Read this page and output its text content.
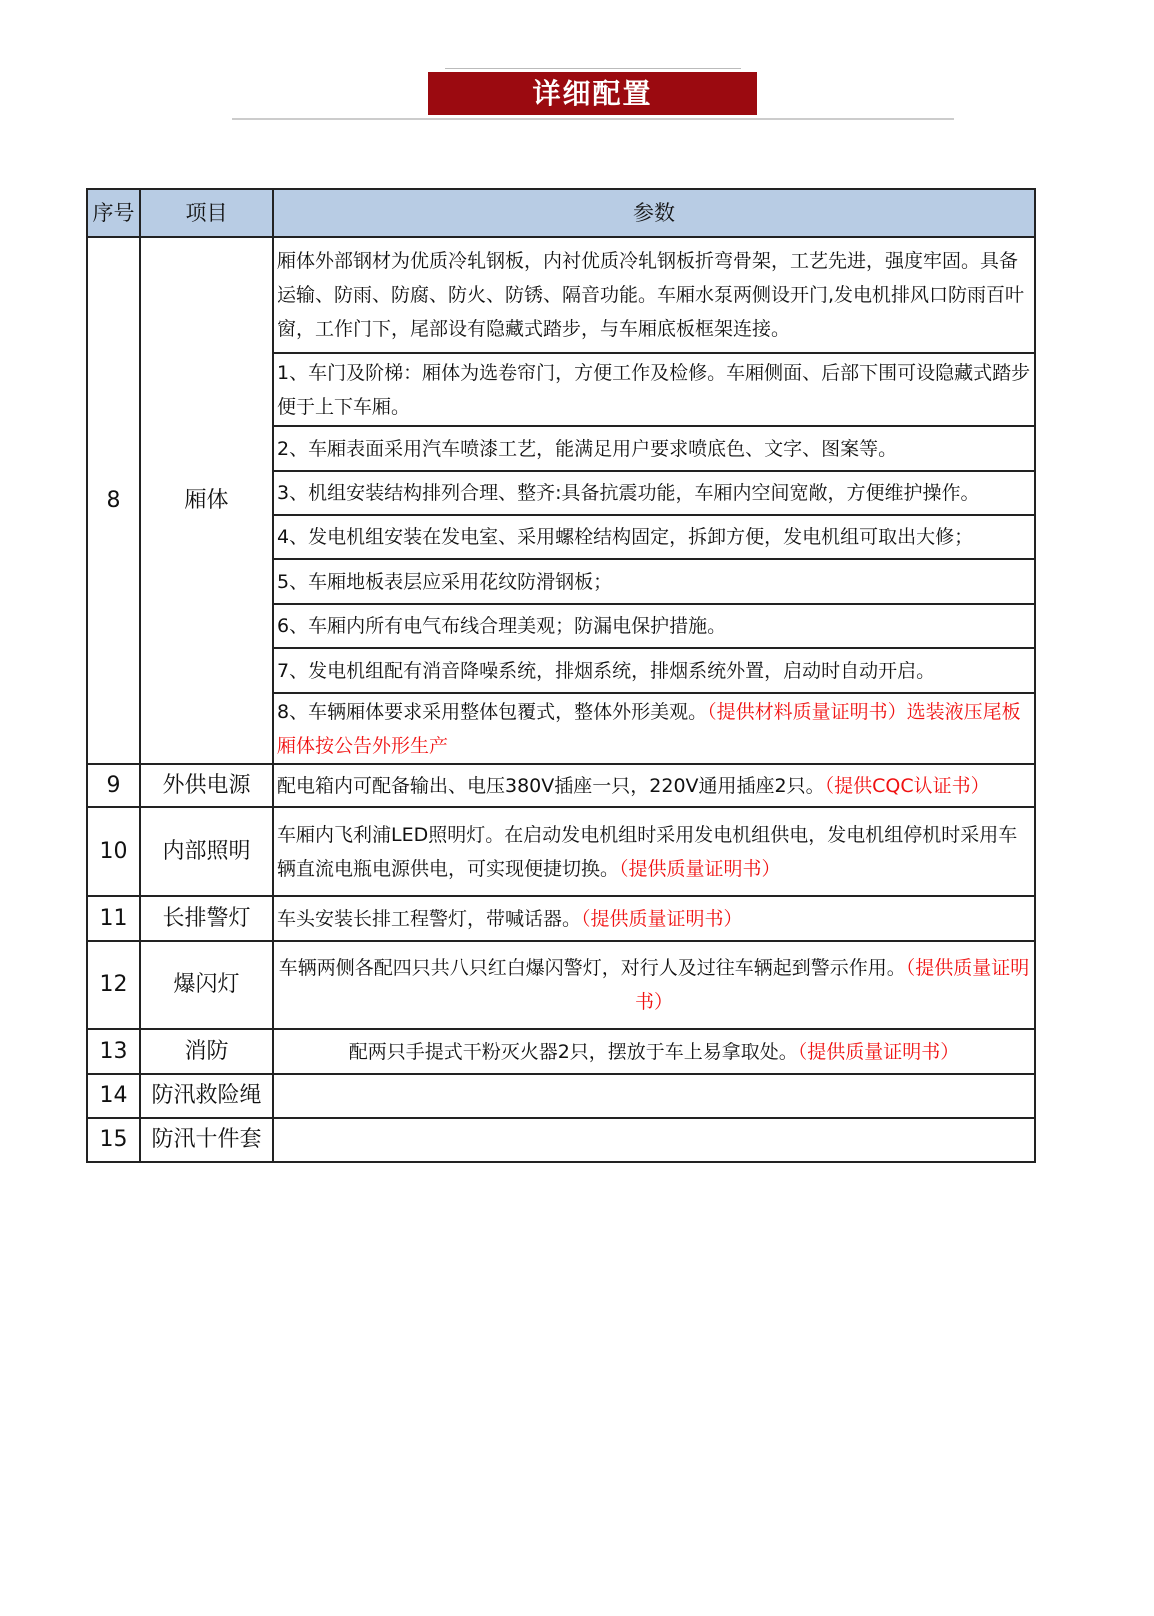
详细配置
序号	项目	参数
8	厢体	厢体外部钢材为优质冷轧钢板，内衬优质冷轧钢板折弯骨架，工艺先进，强度牢固。具备运输、防雨、防腐、防火、防锈、隔音功能。车厢水泵两侧设开门,发电机排风口防雨百叶窗，工作门下，尾部设有隐藏式踏步，与车厢底板框架连接。
		1、车门及阶梯：厢体为选卷帘门，方便工作及检修。车厢侧面、后部下围可设隐藏式踏步便于上下车厢。
		2、车厢表面采用汽车喷漆工艺，能满足用户要求喷底色、文字、图案等。
		3、机组安装结构排列合理、整齐:具备抗震功能，车厢内空间宽敞，方便维护操作。
		4、发电机组安装在发电室、采用螺栓结构固定，拆卸方便，发电机组可取出大修；
		5、车厢地板表层应采用花纹防滑钢板；
		6、车厢内所有电气布线合理美观；防漏电保护措施。
		7、发电机组配有消音降噪系统，排烟系统，排烟系统外置，启动时自动开启。
		8、车辆厢体要求采用整体包覆式，整体外形美观。（提供材料质量证明书）选装液压尾板厢体按公告外形生产
9	外供电源	配电箱内可配备输出、电压380V插座一只，220V通用插座2只。（提供CQC认证书）
10	内部照明	车厢内飞利浦LED照明灯。在启动发电机组时采用发电机组供电，发电机组停机时采用车辆直流电瓶电源供电，可实现便捷切换。（提供质量证明书）
11	长排警灯	车头安装长排工程警灯，带喊话器。（提供质量证明书）
12	爆闪灯	车辆两侧各配四只共八只红白爆闪警灯，对行人及过往车辆起到警示作用。（提供质量证明书）
13	消防	配两只手提式干粉灭火器2只，摆放于车上易拿取处。（提供质量证明书）
14	防汛救险绳	
15	防汛十件套	
